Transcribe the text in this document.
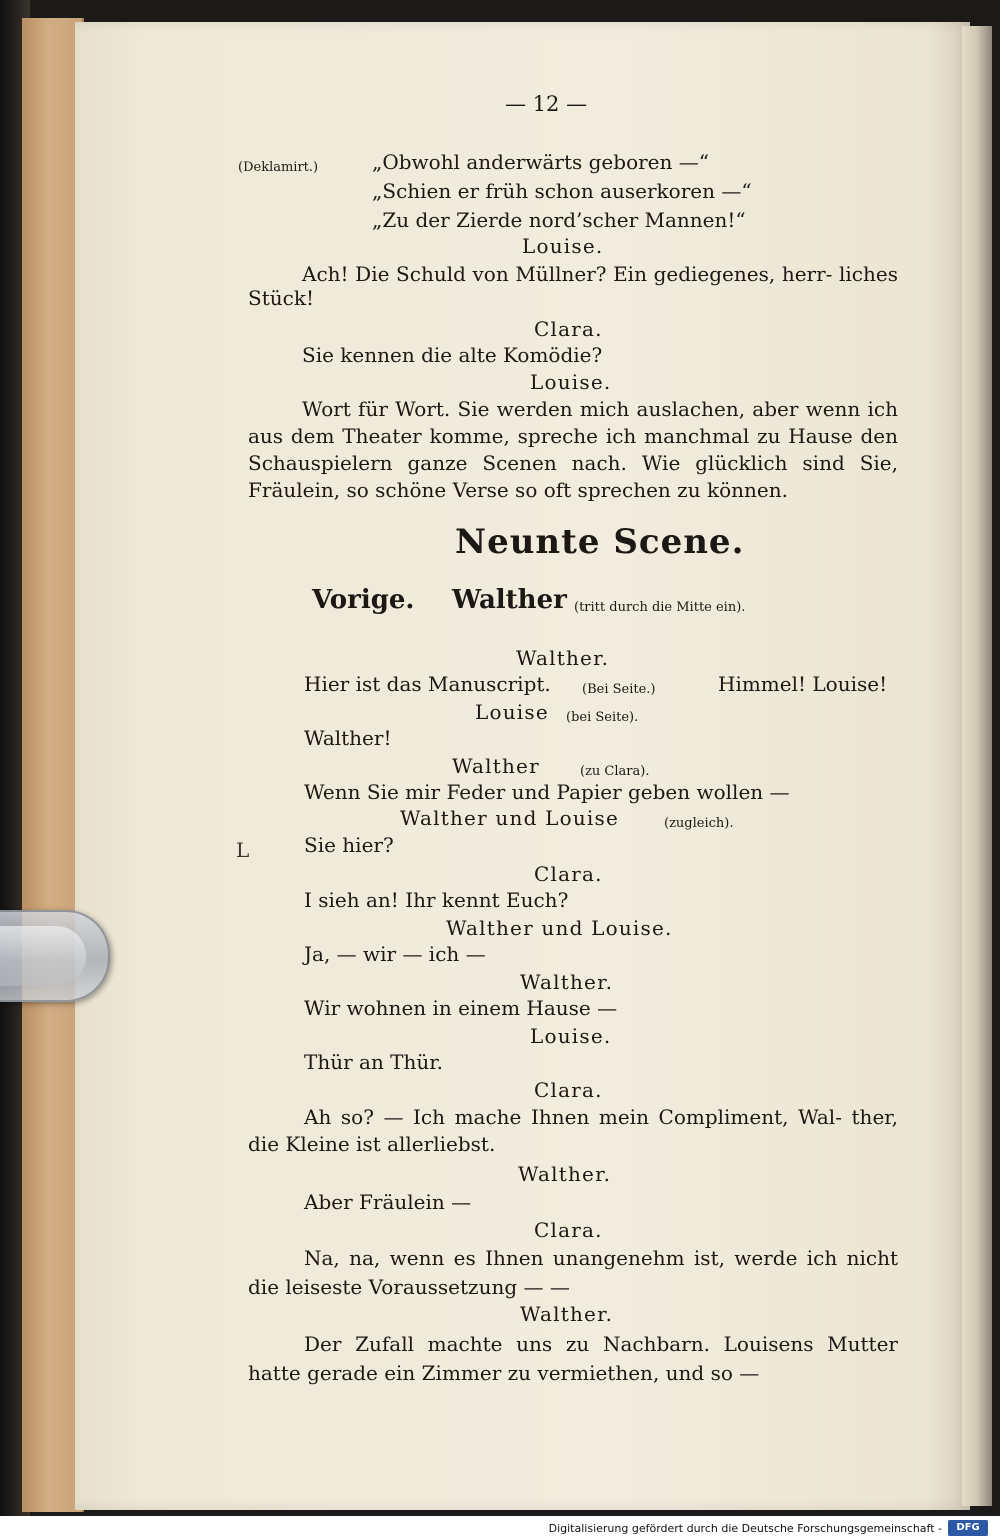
— 12 —
(Deklamirt.)	„Obwohl anderwärts geboren —“
„Schien er früh schon auserkoren —“
„Zu der Zierde nord’scher Mannen!“
Louise.
Ach! Die Schuld von Müllner? Ein gediegenes, herr- liches Stück!
Clara.
Sie kennen die alte Komödie?
Louise.
Wort für Wort. Sie werden mich auslachen, aber wenn ich aus dem Theater komme, spreche ich manchmal zu Hause den Schauspielern ganze Scenen nach. Wie glücklich sind Sie, Fräulein, so schöne Verse so oft sprechen zu können.
Neunte Scene.
Vorige. Walther (tritt durch die Mitte ein).
Walther.
Hier ist das Manuscript. (Bei Seite.)	Himmel! Louise!
Louise (bei Seite).
Walther!
Walther	(zu Clara).
Wenn Sie mir Feder und Papier geben wollen —
Walther und Louise	(zugleich).
L	Sie hier?
Clara.
I sieh an! Ihr kennt Euch?
Walther und Louise.
Ja, — wir — ich —
Walther.
Wir wohnen in einem Hause —
Louise.
Thür an Thür.
Clara.
Ah so? — Ich mache Ihnen mein Compliment, Wal- ther, die Kleine ist allerliebst.
Walther.
Aber Fräulein —
Clara.
Na, na, wenn es Ihnen unangenehm ist, werde ich nicht die leiseste Voraussetzung — —
Walther.
Der Zufall machte uns zu Nachbarn. Louisens Mutter hatte gerade ein Zimmer zu vermiethen, und so —
Digitalisierung gefördert durch die Deutsche Forschungsgemeinschaft -	DFG
